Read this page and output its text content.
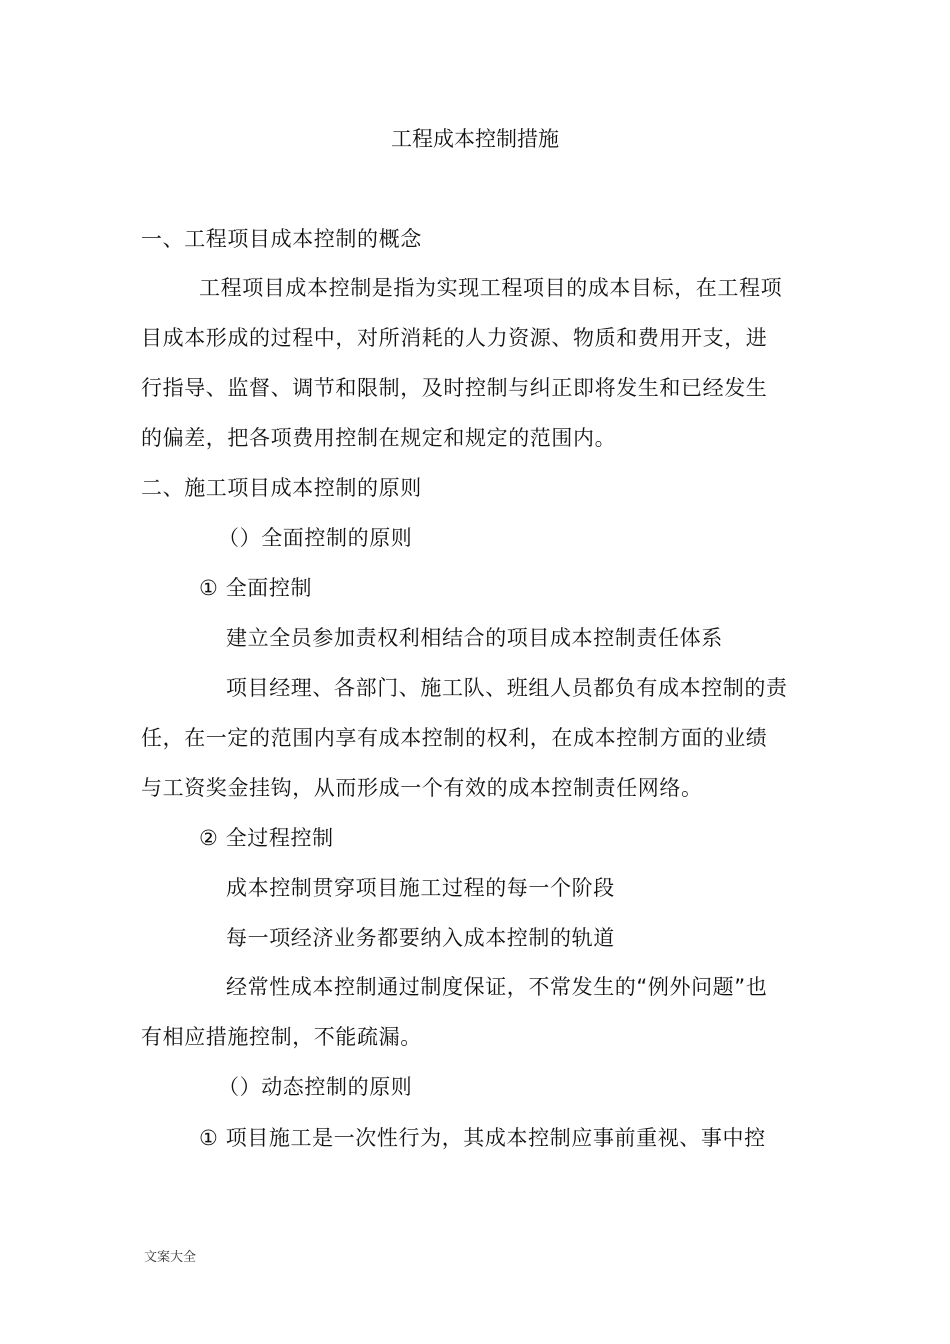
工程成本控制措施
一、工程项目成本控制的概念
工程项目成本控制是指为实现工程项目的成本目标，在工程项
目成本形成的过程中，对所消耗的人力资源、物质和费用开支，进
行指导、监督、调节和限制，及时控制与纠正即将发生和已经发生
的偏差，把各项费用控制在规定和规定的范围内。
二、施工项目成本控制的原则
（）全面控制的原则
① 全面控制
建立全员参加责权利相结合的项目成本控制责任体系
项目经理、各部门、施工队、班组人员都负有成本控制的责
任，在一定的范围内享有成本控制的权利，在成本控制方面的业绩
与工资奖金挂钩，从而形成一个有效的成本控制责任网络。
② 全过程控制
成本控制贯穿项目施工过程的每一个阶段
每一项经济业务都要纳入成本控制的轨道
经常性成本控制通过制度保证，不常发生的“例外问题”也
有相应措施控制，不能疏漏。
（）动态控制的原则
① 项目施工是一次性行为，其成本控制应事前重视、事中控
文案大全
